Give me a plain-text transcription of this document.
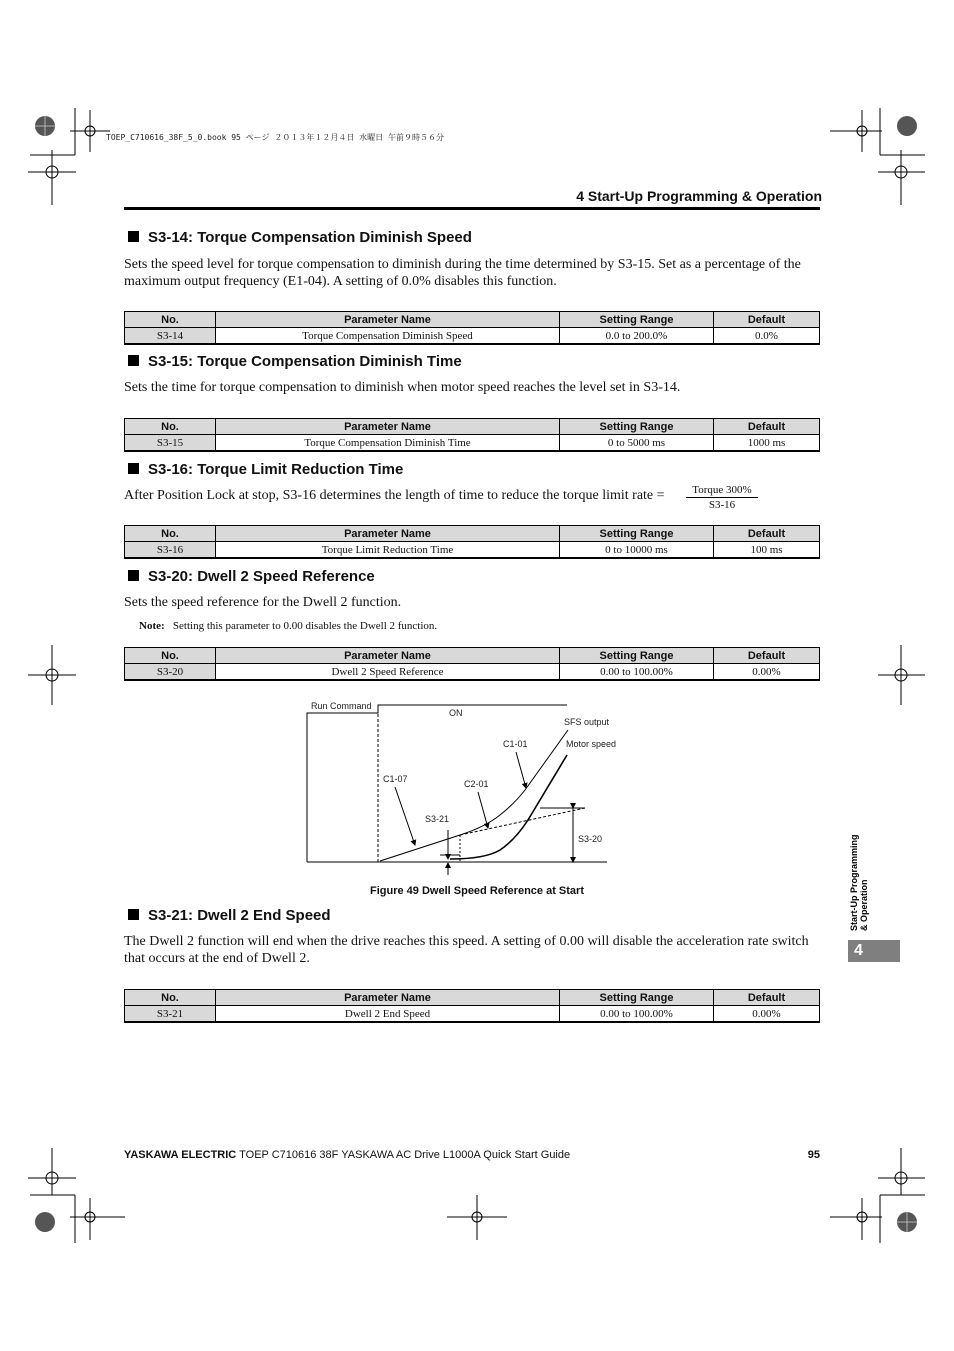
TOEP_C710616_38F_5_0.book 95 ページ ２０１３年１２月４日 水曜日 午前９時５６分
4 Start-Up Programming & Operation
S3-14: Torque Compensation Diminish Speed
Sets the speed level for torque compensation to diminish during the time determined by S3-15. Set as a percentage of the maximum output frequency (E1-04). A setting of 0.0% disables this function.
No.	Parameter Name	Setting Range	Default
S3-14	Torque Compensation Diminish Speed	0.0 to 200.0%	0.0%
S3-15: Torque Compensation Diminish Time
Sets the time for torque compensation to diminish when motor speed reaches the level set in S3-14.
No.	Parameter Name	Setting Range	Default
S3-15	Torque Compensation Diminish Time	0 to 5000 ms	1000 ms
S3-16: Torque Limit Reduction Time
After Position Lock at stop, S3-16 determines the length of time to reduce the torque limit rate =	Torque 300%
S3-16
No.	Parameter Name	Setting Range	Default
S3-16	Torque Limit Reduction Time	0 to 10000 ms	100 ms
S3-20: Dwell 2 Speed Reference
Sets the speed reference for the Dwell 2 function.
Note: Setting this parameter to 0.00 disables the Dwell 2 function.
No.	Parameter Name	Setting Range	Default
S3-20	Dwell 2 Speed Reference	0.00 to 100.00%	0.00%
Run Command
ON
SFS output
C1-01	Motor speed
C1-07	C2-01
S3-21
S3-20
Figure 49 Dwell Speed Reference at Start
S3-21: Dwell 2 End Speed
The Dwell 2 function will end when the drive reaches this speed. A setting of 0.00 will disable the acceleration rate switch that occurs at the end of Dwell 2.
No.	Parameter Name	Setting Range	Default
S3-21	Dwell 2 End Speed	0.00 to 100.00%	0.00%
Start-Up Programming & Operation
4
YASKAWA ELECTRIC TOEP C710616 38F YASKAWA AC Drive L1000A Quick Start Guide	95
